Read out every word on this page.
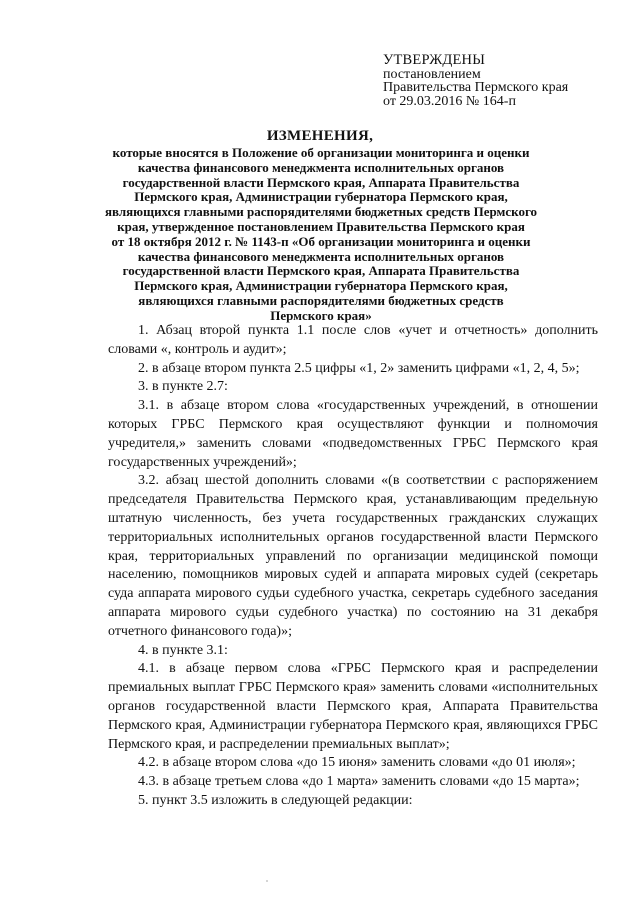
УТВЕРЖДЕНЫ
постановлением
Правительства Пермского края
от 29.03.2016 № 164-п
ИЗМЕНЕНИЯ,
которые вносятся в Положение об организации мониторинга и оценки
качества финансового менеджмента исполнительных органов
государственной власти Пермского края, Аппарата Правительства
Пермского края, Администрации губернатора Пермского края,
являющихся главными распорядителями бюджетных средств Пермского
края, утвержденное постановлением Правительства Пермского края
от 18 октября 2012 г. № 1143-п «Об организации мониторинга и оценки
качества финансового менеджмента исполнительных органов
государственной власти Пермского края, Аппарата Правительства
Пермского края, Администрации губернатора Пермского края,
являющихся главными распорядителями бюджетных средств
Пермского края»
1. Абзац второй пункта 1.1 после слов «учет и отчетность» дополнить словами «, контроль и аудит»;
2. в абзаце втором пункта 2.5 цифры «1, 2» заменить цифрами «1, 2, 4, 5»;
3. в пункте 2.7:
3.1. в абзаце втором слова «государственных учреждений, в отношении которых ГРБС Пермского края осуществляют функции и полномочия учредителя,» заменить словами «подведомственных ГРБС Пермского края государственных учреждений»;
3.2. абзац шестой дополнить словами «(в соответствии с распоряжением председателя Правительства Пермского края, устанавливающим предельную штатную численность, без учета государственных гражданских служащих территориальных исполнительных органов государственной власти Пермского края, территориальных управлений по организации медицинской помощи населению, помощников мировых судей и аппарата мировых судей (секретарь суда аппарата мирового судьи судебного участка, секретарь судебного заседания аппарата мирового судьи судебного участка) по состоянию на 31 декабря отчетного финансового года)»;
4. в пункте 3.1:
4.1. в абзаце первом слова «ГРБС Пермского края и распределении премиальных выплат ГРБС Пермского края» заменить словами «исполнительных органов государственной власти Пермского края, Аппарата Правительства Пермского края, Администрации губернатора Пермского края, являющихся ГРБС Пермского края, и распределении премиальных выплат»;
4.2. в абзаце втором слова «до 15 июня» заменить словами «до 01 июля»;
4.3. в абзаце третьем слова «до 1 марта» заменить словами «до 15 марта»;
5. пункт 3.5 изложить в следующей редакции:
